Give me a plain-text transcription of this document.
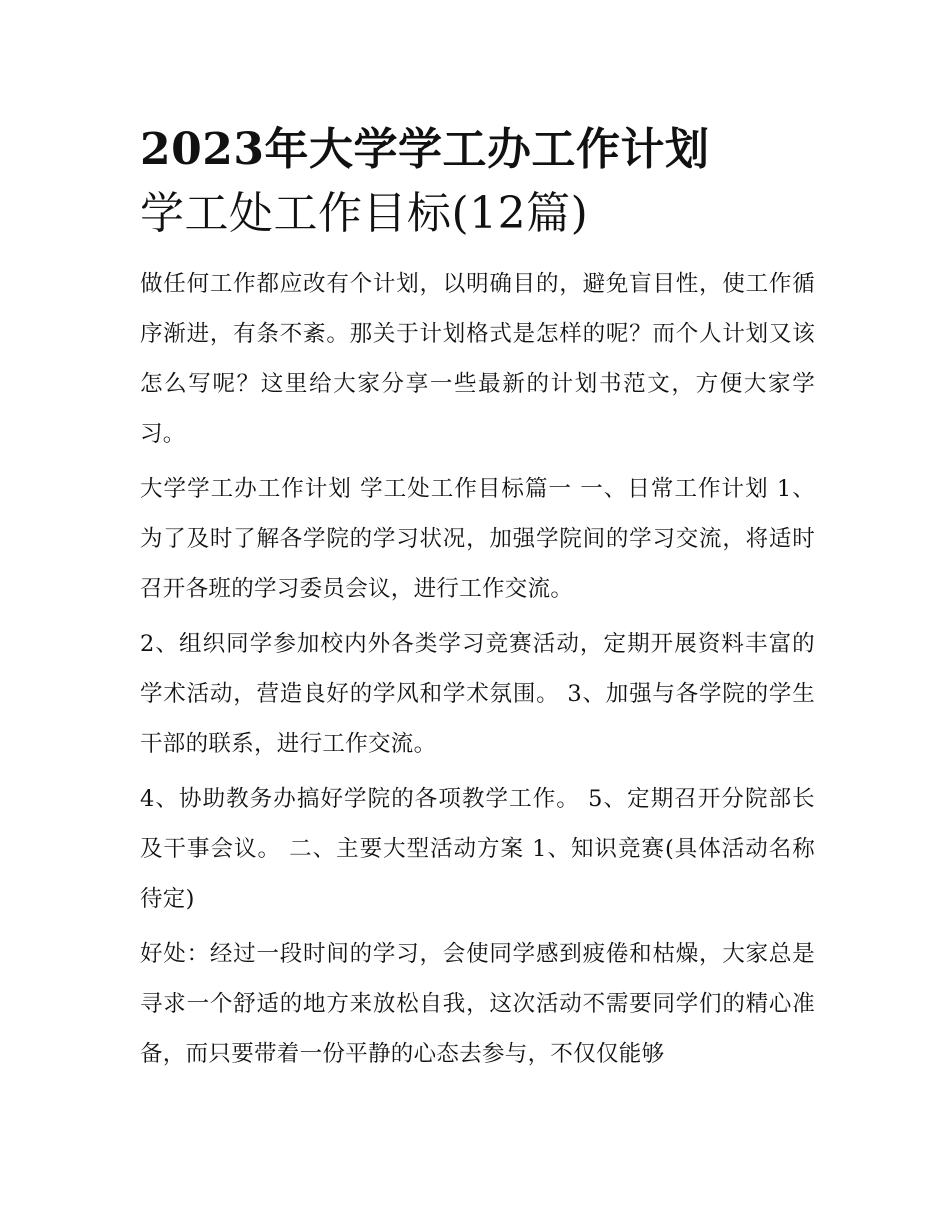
2023年大学学工办工作计划
学工处工作目标(12篇)

做任何工作都应改有个计划，以明确目的，避免盲目性，使工作循序渐进，有条不紊。那关于计划格式是怎样的呢？而个人计划又该怎么写呢？这里给大家分享一些最新的计划书范文，方便大家学习。

大学学工办工作计划 学工处工作目标篇一 一、日常工作计划 1、为了及时了解各学院的学习状况，加强学院间的学习交流，将适时召开各班的学习委员会议，进行工作交流。

2、组织同学参加校内外各类学习竞赛活动，定期开展资料丰富的学术活动，营造良好的学风和学术氛围。 3、加强与各学院的学生干部的联系，进行工作交流。

4、协助教务办搞好学院的各项教学工作。 5、定期召开分院部长及干事会议。 二、主要大型活动方案 1、知识竞赛(具体活动名称待定)

好处：经过一段时间的学习，会使同学感到疲倦和枯燥，大家总是寻求一个舒适的地方来放松自我，这次活动不需要同学们的精心准备，而只要带着一份平静的心态去参与，不仅仅能够
